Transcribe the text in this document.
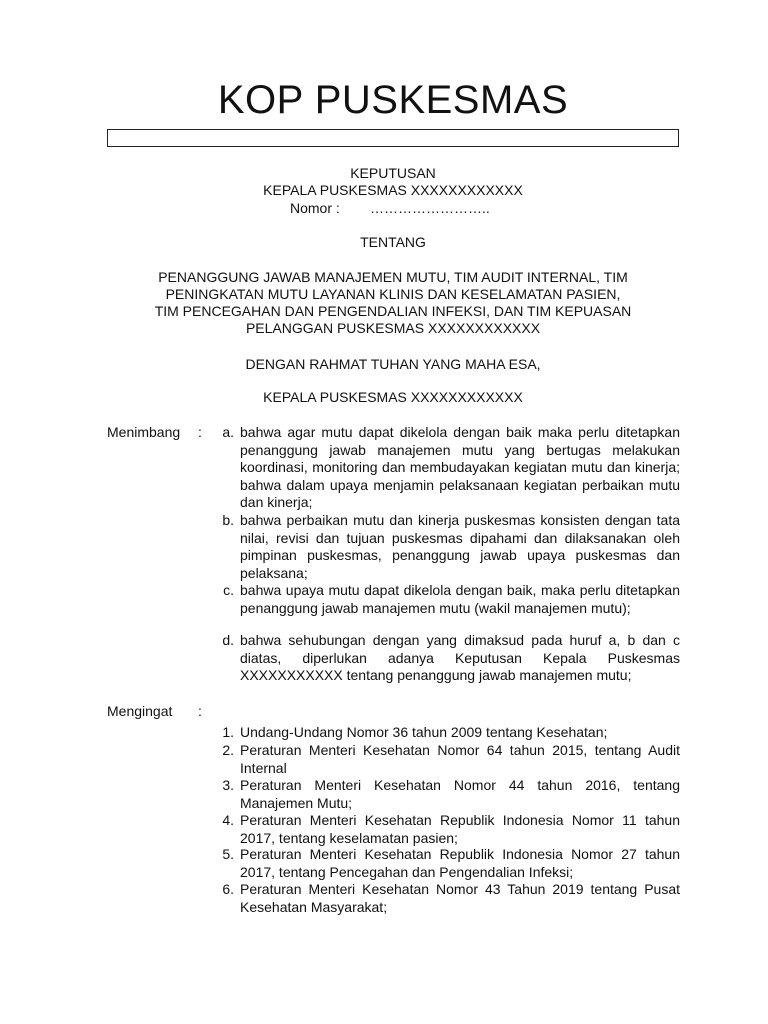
KOP PUSKESMAS
KEPUTUSAN
KEPALA PUSKESMAS XXXXXXXXXXXX
Nomor : ……………………..
TENTANG
PENANGGUNG JAWAB MANAJEMEN MUTU, TIM AUDIT INTERNAL, TIM
PENINGKATAN MUTU LAYANAN KLINIS DAN KESELAMATAN PASIEN,
TIM PENCEGAHAN DAN PENGENDALIAN INFEKSI, DAN TIM KEPUASAN
PELANGGAN PUSKESMAS XXXXXXXXXXXX
DENGAN RAHMAT TUHAN YANG MAHA ESA,
KEPALA PUSKESMAS XXXXXXXXXXXX
Menimbang :	a. bahwa agar mutu dapat dikelola dengan baik maka perlu ditetapkan penanggung jawab manajemen mutu yang bertugas melakukan koordinasi, monitoring dan membudayakan kegiatan mutu dan kinerja; bahwa dalam upaya menjamin pelaksanaan kegiatan perbaikan mutu dan kinerja;
b. bahwa perbaikan mutu dan kinerja puskesmas konsisten dengan tata nilai, revisi dan tujuan puskesmas dipahami dan dilaksanakan oleh pimpinan puskesmas, penanggung jawab upaya puskesmas dan pelaksana;
c. bahwa upaya mutu dapat dikelola dengan baik, maka perlu ditetapkan penanggung jawab manajemen mutu (wakil manajemen mutu);
d. bahwa sehubungan dengan yang dimaksud pada huruf a, b dan c diatas, diperlukan adanya Keputusan Kepala Puskesmas XXXXXXXXXXX tentang penanggung jawab manajemen mutu;
Mengingat :
1. Undang-Undang Nomor 36 tahun 2009 tentang Kesehatan;
2. Peraturan Menteri Kesehatan Nomor 64 tahun 2015, tentang Audit Internal
3. Peraturan Menteri Kesehatan Nomor 44 tahun 2016, tentang Manajemen Mutu;
4. Peraturan Menteri Kesehatan Republik Indonesia Nomor 11 tahun 2017, tentang keselamatan pasien;
5. Peraturan Menteri Kesehatan Republik Indonesia Nomor 27 tahun 2017, tentang Pencegahan dan Pengendalian Infeksi;
6. Peraturan Menteri Kesehatan Nomor 43 Tahun 2019 tentang Pusat Kesehatan Masyarakat;
